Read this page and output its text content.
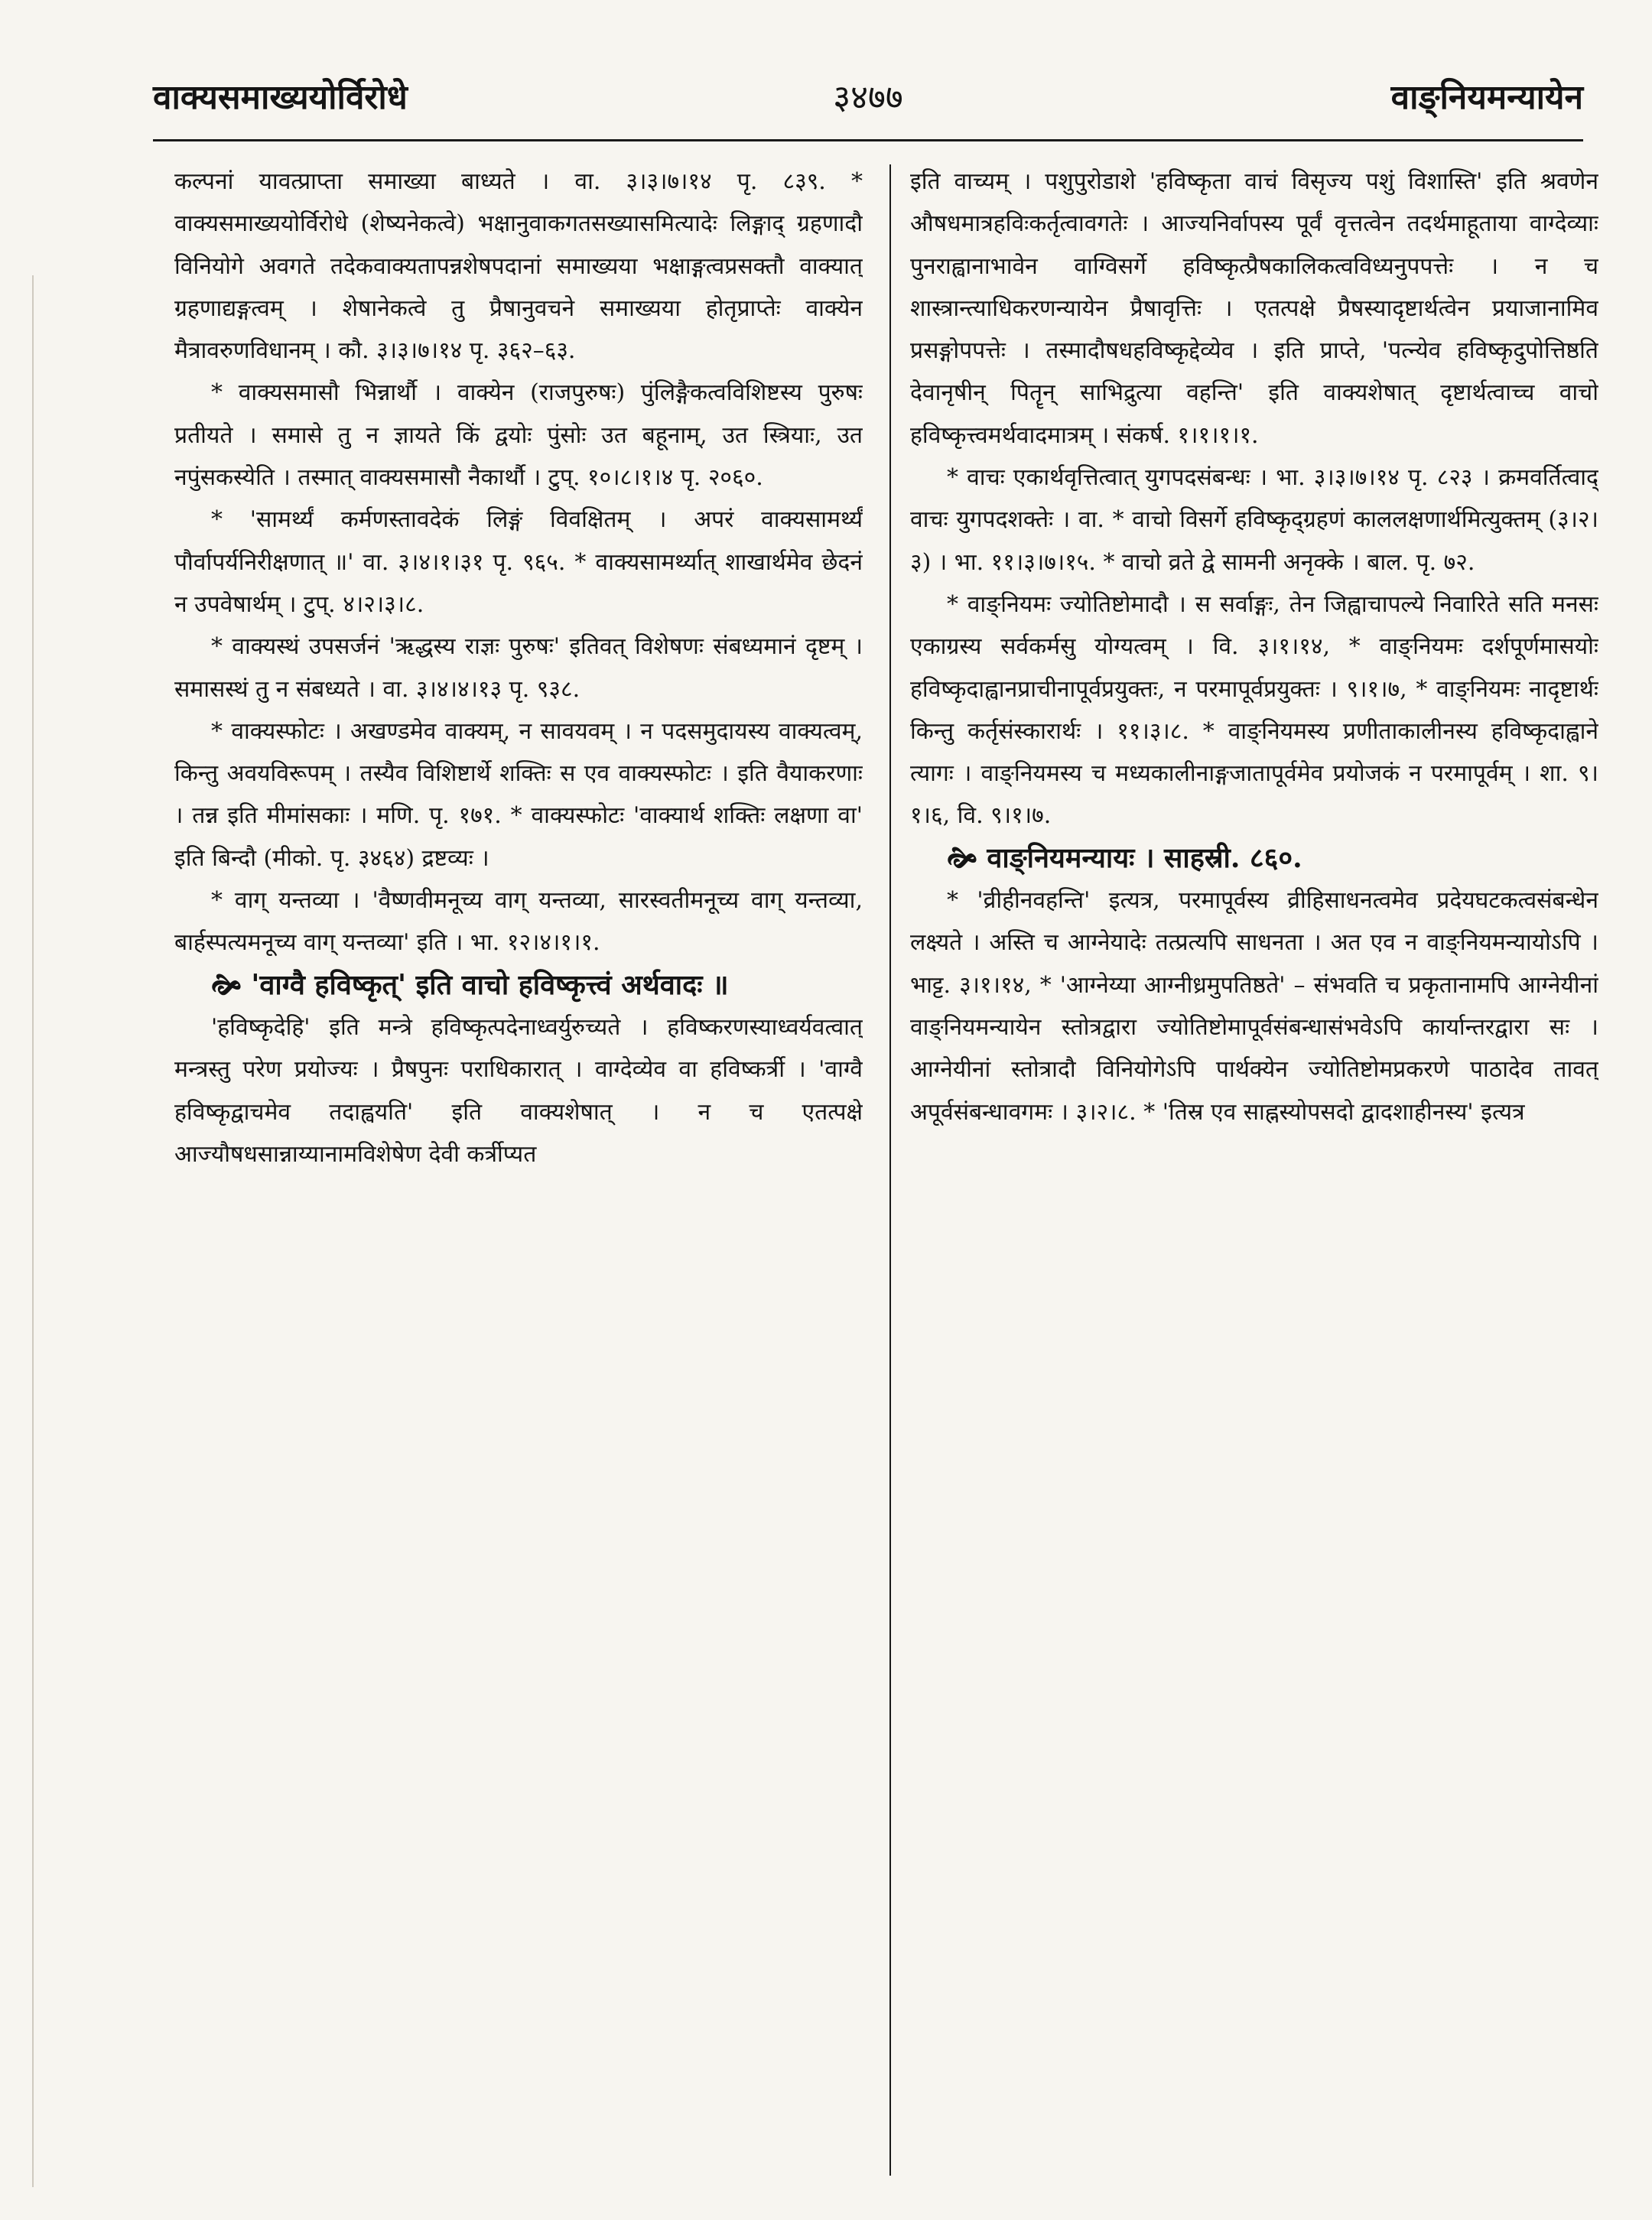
वाक्यसमाख्ययोर्विरोधे	३४७७	वाङ्नियमन्यायेन

कल्पनां यावत्प्राप्ता समाख्या बाध्यते । वा. ३।३।७।१४ पृ. ८३९. * वाक्यसमाख्ययोर्विरोधे (शेष्यनेकत्वे) भक्षानुवाकगतसख्यासमित्यादेः लिङ्गाद् ग्रहणादौ विनियोगे अवगते तदेकवाक्यतापन्नशेषपदानां समाख्यया भक्षाङ्गत्वप्रसक्तौ वाक्यात् ग्रहणाद्यङ्गत्वम् । शेषानेकत्वे तु प्रैषानुवचने समाख्यया होतृप्राप्तेः वाक्येन मैत्रावरुणविधानम् । कौ. ३।३।७।१४ पृ. ३६२–६३.

* वाक्यसमासौ भिन्नार्थौ । वाक्येन (राजपुरुषः) पुंलिङ्गैकत्वविशिष्टस्य पुरुषः प्रतीयते । समासे तु न ज्ञायते किं द्वयोः पुंसोः उत बहूनाम्, उत स्त्रियाः, उत नपुंसकस्येति । तस्मात् वाक्यसमासौ नैकार्थौ । टुप्. १०।८।१।४ पृ. २०६०.

* 'सामर्थ्यं कर्मणस्तावदेकं लिङ्गं विवक्षितम् । अपरं वाक्यसामर्थ्यं पौर्वापर्यनिरीक्षणात् ॥' वा. ३।४।१।३१ पृ. ९६५. * वाक्यसामर्थ्यात् शाखार्थमेव छेदनं न उपवेषार्थम् । टुप्. ४।२।३।८.

* वाक्यस्थं उपसर्जनं 'ऋद्धस्य राज्ञः पुरुषः' इतिवत् विशेषणः संबध्यमानं दृष्टम् । समासस्थं तु न संबध्यते । वा. ३।४।४।१३ पृ. ९३८.

* वाक्यस्फोटः । अखण्डमेव वाक्यम्, न सावयवम् । न पदसमुदायस्य वाक्यत्वम्, किन्तु अवयविरूपम् । तस्यैव विशिष्टार्थे शक्तिः स एव वाक्यस्फोटः । इति वैयाकरणाः । तन्न इति मीमांसकाः । मणि. पृ. १७१. * वाक्यस्फोटः 'वाक्यार्थ शक्तिः लक्षणा वा' इति बिन्दौ (मीको. पृ. ३४६४) द्रष्टव्यः ।

* वाग् यन्तव्या । 'वैष्णवीमनूच्य वाग् यन्तव्या, सारस्वतीमनूच्य वाग् यन्तव्या, बार्हस्पत्यमनूच्य वाग् यन्तव्या' इति । भा. १२।४।१।१.

🙞 'वाग्वै हविष्कृत्' इति वाचो हविष्कृत्त्वं अर्थवादः ॥

'हविष्कृदेहि' इति मन्त्रे हविष्कृत्पदेनाध्वर्युरुच्यते । हविष्करणस्याध्वर्यवत्वात् मन्त्रस्तु परेण प्रयोज्यः । प्रैषपुनः पराधिकारात् । वाग्देव्येव वा हविष्कर्त्री । 'वाग्वै हविष्कृद्वाचमेव तदाह्वयति' इति वाक्यशेषात् । न च एतत्पक्षे आज्यौषधसान्नाय्यानामविशेषेण देवी कर्त्रीप्यत

इति वाच्यम् । पशुपुरोडाशे 'हविष्कृता वाचं विसृज्य पशुं विशास्ति' इति श्रवणेन औषधमात्रहविःकर्तृत्वावगतेः । आज्यनिर्वापस्य पूर्वं वृत्तत्वेन तदर्थमाहूताया वाग्देव्याः पुनराह्वानाभावेन वाग्विसर्गे हविष्कृत्प्रैषकालिकत्वविध्यनुपपत्तेः । न च शास्त्रान्त्याधिकरणन्यायेन प्रैषावृत्तिः । एतत्पक्षे प्रैषस्यादृष्टार्थत्वेन प्रयाजानामिव प्रसङ्गोपपत्तेः । तस्मादौषधहविष्कृद्देव्येव । इति प्राप्ते, 'पत्न्येव हविष्कृदुपोत्तिष्ठति देवानृषीन् पितॄन् साभिद्रुत्या वहन्ति' इति वाक्यशेषात् दृष्टार्थत्वाच्च वाचो हविष्कृत्त्वमर्थवादमात्रम् । संकर्ष. १।१।१।१.

* वाचः एकार्थवृत्तित्वात् युगपदसंबन्धः । भा. ३।३।७।१४ पृ. ८२३ । क्रमवर्तित्वाद् वाचः युगपदशक्तेः । वा. * वाचो विसर्गे हविष्कृद्ग्रहणं काललक्षणार्थमित्युक्तम् (३।२।३) । भा. ११।३।७।१५. * वाचो व्रते द्वे सामनी अनृक्के । बाल. पृ. ७२.

* वाङ्नियमः ज्योतिष्टोमादौ । स सर्वाङ्गः, तेन जिह्वाचापल्ये निवारिते सति मनसः एकाग्रस्य सर्वकर्मसु योग्यत्वम् । वि. ३।१।१४, * वाङ्नियमः दर्शपूर्णमासयोः हविष्कृदाह्वानप्राचीनापूर्वप्रयुक्तः, न परमापूर्वप्रयुक्तः । ९।१।७, * वाङ्नियमः नादृष्टार्थः किन्तु कर्तृसंस्कारार्थः । ११।३।८. * वाङ्नियमस्य प्रणीताकालीनस्य हविष्कृदाह्वाने त्यागः । वाङ्नियमस्य च मध्यकालीनाङ्गजातापूर्वमेव प्रयोजकं न परमापूर्वम् । शा. ९।१।६, वि. ९।१।७.

🙞 वाङ्नियमन्यायः । साहस्री. ८६०.

* 'व्रीहीनवहन्ति' इत्यत्र, परमापूर्वस्य व्रीहिसाधनत्वमेव प्रदेयघटकत्वसंबन्धेन लक्ष्यते । अस्ति च आग्नेयादेः तत्प्रत्यपि साधनता । अत एव न वाङ्नियमन्यायोऽपि । भाट्ट. ३।१।१४, * 'आग्नेय्या आग्नीध्रमुपतिष्ठते' – संभवति च प्रकृतानामपि आग्नेयीनां वाङ्नियमन्यायेन स्तोत्रद्वारा ज्योतिष्टोमापूर्वसंबन्धासंभवेऽपि कार्यान्तरद्वारा सः । आग्नेयीनां स्तोत्रादौ विनियोगेऽपि पार्थक्येन ज्योतिष्टोमप्रकरणे पाठादेव तावत् अपूर्वसंबन्धावगमः । ३।२।८. * 'तिस्र एव साह्नस्योपसदो द्वादशाहीनस्य' इत्यत्र
